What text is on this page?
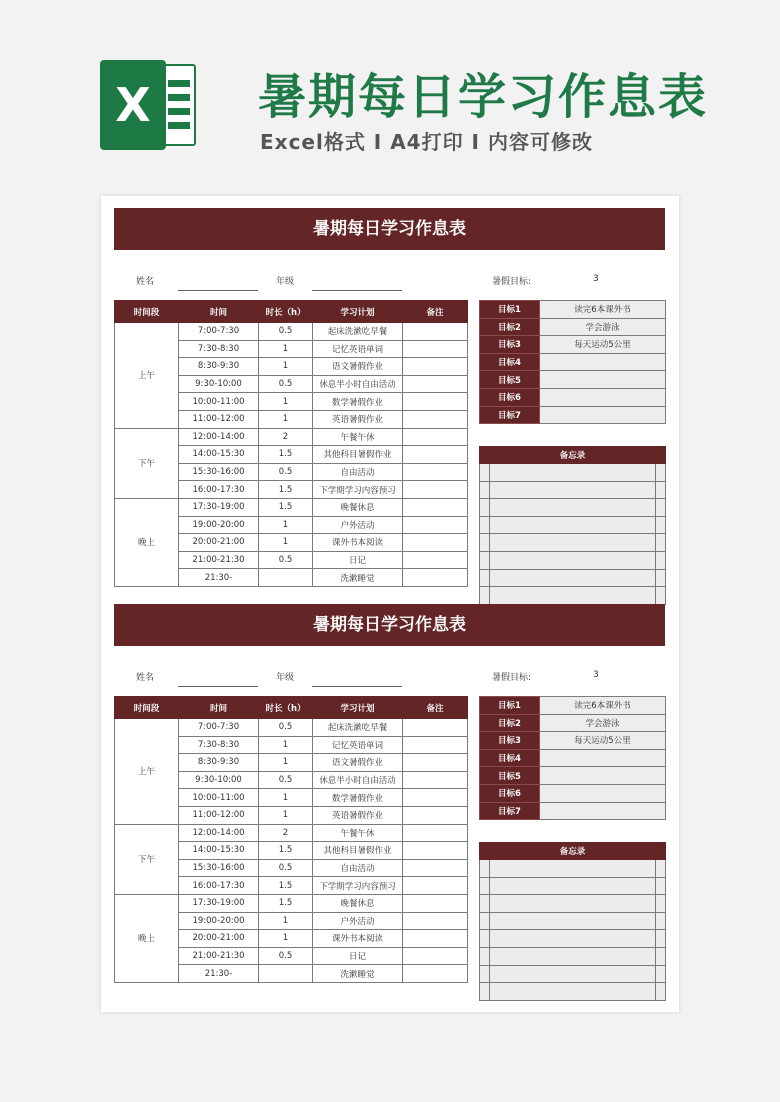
X	暑期每日学习作息表
Excel格式 I A4打印 I 内容可修改
暑期每日学习作息表
姓名	年级	暑假目标:	3
时间段	时间	时长（h）	学习计划	备注
上午	7:00-7:30	0.5	起床洗漱吃早餐	
	7:30-8:30	1	记忆英语单词	
	8:30-9:30	1	语文暑假作业	
	9:30-10:00	0.5	休息半小时自由活动	
	10:00-11:00	1	数学暑假作业	
	11:00-12:00	1	英语暑假作业	
下午	12:00-14:00	2	午餐午休	
	14:00-15:30	1.5	其他科目暑假作业	
	15:30-16:00	0.5	自由活动	
	16:00-17:30	1.5	下学期学习内容预习	
晚上	17:30-19:00	1.5	晚餐休息	
	19:00-20:00	1	户外活动	
	20:00-21:00	1	课外书本阅读	
	21:00-21:30	0.5	日记	
	21:30-		洗漱睡觉	
目标1	读完6本课外书
目标2	学会游泳
目标3	每天运动5公里
目标4	
目标5	
目标6	
目标7	
备忘录		

暑期每日学习作息表
姓名	年级	暑假目标:	3
时间段	时间	时长（h）	学习计划	备注
上午	7:00-7:30	0.5	起床洗漱吃早餐	
	7:30-8:30	1	记忆英语单词	
	8:30-9:30	1	语文暑假作业	
	9:30-10:00	0.5	休息半小时自由活动	
	10:00-11:00	1	数学暑假作业	
	11:00-12:00	1	英语暑假作业	
下午	12:00-14:00	2	午餐午休	
	14:00-15:30	1.5	其他科目暑假作业	
	15:30-16:00	0.5	自由活动	
	16:00-17:30	1.5	下学期学习内容预习	
晚上	17:30-19:00	1.5	晚餐休息	
	19:00-20:00	1	户外活动	
	20:00-21:00	1	课外书本阅读	
	21:00-21:30	0.5	日记	
	21:30-		洗漱睡觉	
目标1	读完6本课外书
目标2	学会游泳
目标3	每天运动5公里
目标4	
目标5	
目标6	
目标7	
备忘录		
